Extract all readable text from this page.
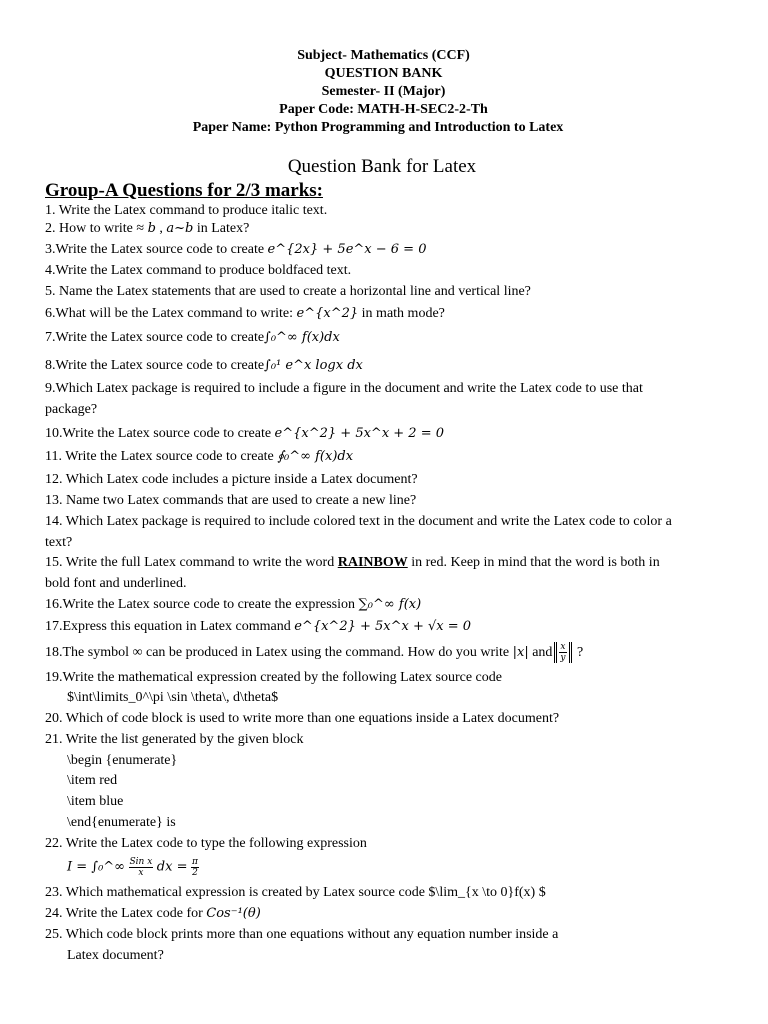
Subject- Mathematics (CCF)
QUESTION BANK
Semester- II (Major)
Paper Code: MATH-H-SEC2-2-Th
Paper Name: Python Programming and Introduction to Latex
Question Bank for Latex
Group-A Questions for 2/3 marks:
1. Write the Latex command to produce italic text.
2. How to write ≈ b , a~b in Latex?
3.Write the Latex source code to create e^{2x} + 5e^x − 6 = 0
4.Write the Latex command to produce boldfaced text.
5. Name the Latex statements that are used to create a horizontal line and vertical line?
6.What will be the Latex command to write: e^{x^2} in math mode?
7.Write the Latex source code to create∫₀^∞ f(x)dx
8.Write the Latex source code to create∫₀¹ e^x logx dx
9.Which Latex package is required to include a figure in the document and write the Latex code to use that
package?
10.Write the Latex source code to create e^{x^2} + 5x^x + 2 = 0
11. Write the Latex source code to create ∮₀^∞ f(x)dx
12. Which Latex code includes a picture inside a Latex document?
13. Name two Latex commands that are used to create a new line?
14. Which Latex package is required to include colored text in the document and write the Latex code to color a
text?
15. Write the full Latex command to write the word RAINBOW in red. Keep in mind that the word is both in
bold font and underlined.
16.Write the Latex source code to create the expression ∑₀^∞ f(x)
17.Express this equation in Latex command e^{x^2} + 5x^x + √x = 0
18.The symbol ∞ can be produced in Latex using the command. How do you write |x| and $\frac{x}{y}$ ?
19.Write the mathematical expression created by the following Latex source code
$\int\limits_0^\pi \sin \theta\, d\theta$
20. Which of code block is used to write more than one equations inside a Latex document?
21. Write the list generated by the given block
\begin {enumerate}
\item red
\item blue
\end{enumerate} is
22. Write the Latex code to type the following expression
I = ∫₀^∞ $\frac{\text{Sin x}}{x}$ dx = $\frac{\pi}{2}$
23. Which mathematical expression is created by Latex source code $\lim_{x \to 0}f(x) $
24. Write the Latex code for Cos⁻¹(θ)
25. Which code block prints more than one equations without any equation number inside a
Latex document?
